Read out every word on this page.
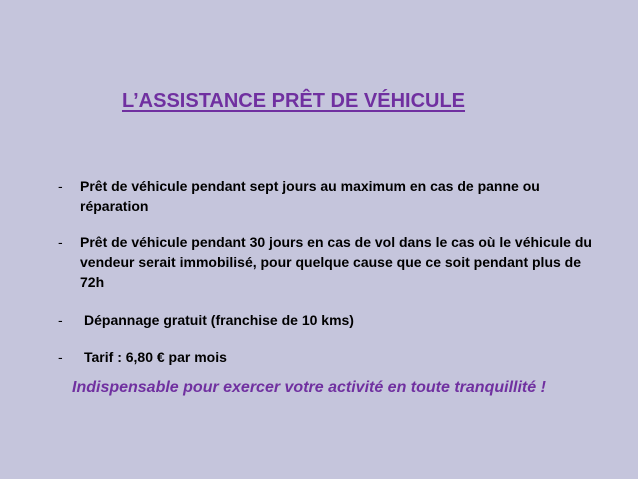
L’ASSISTANCE PRÊT DE VÉHICULE
-	Prêt de véhicule pendant sept jours au maximum en cas de panne ou réparation
-	Prêt de véhicule pendant 30 jours en cas de vol dans le cas où le véhicule du vendeur serait immobilisé, pour quelque cause que ce soit pendant plus de 72h
-	Dépannage gratuit (franchise de 10 kms)
-	Tarif : 6,80 € par mois
Indispensable pour exercer votre activité en toute tranquillité !
